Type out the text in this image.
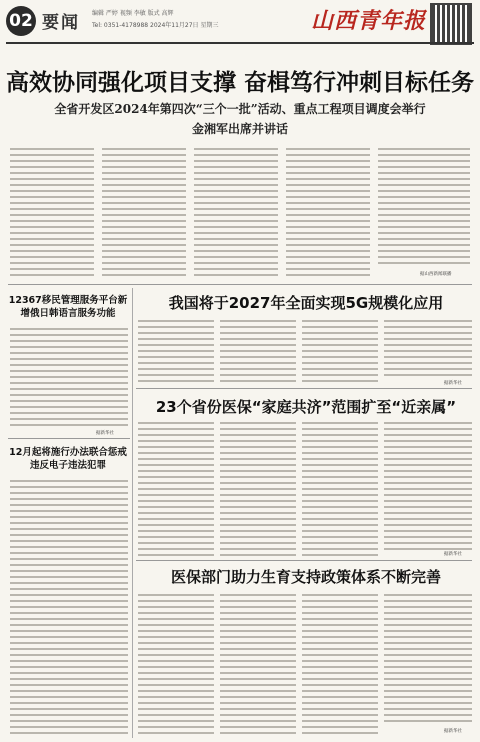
02 要闻 编辑 严婷 视频 李敏 版式 高辉
Tel: 0351-4178988 2024年11月27日 星期三	山西青年报
高效协同强化项目支撑 奋楫笃行冲刺目标任务
全省开发区2024年第四次“三个一批”活动、重点工程项目调度会举行
金湘军出席并讲话
据山西新闻联播
12367移民管理服务平台新增俄日韩语言服务功能
据新华社
12月起将施行办法联合惩戒违反电子违法犯罪
我国将于2027年全面实现5G规模化应用
据新华社
23个省份医保“家庭共济”范围扩至“近亲属”
据新华社
医保部门助力生育支持政策体系不断完善
据新华社
